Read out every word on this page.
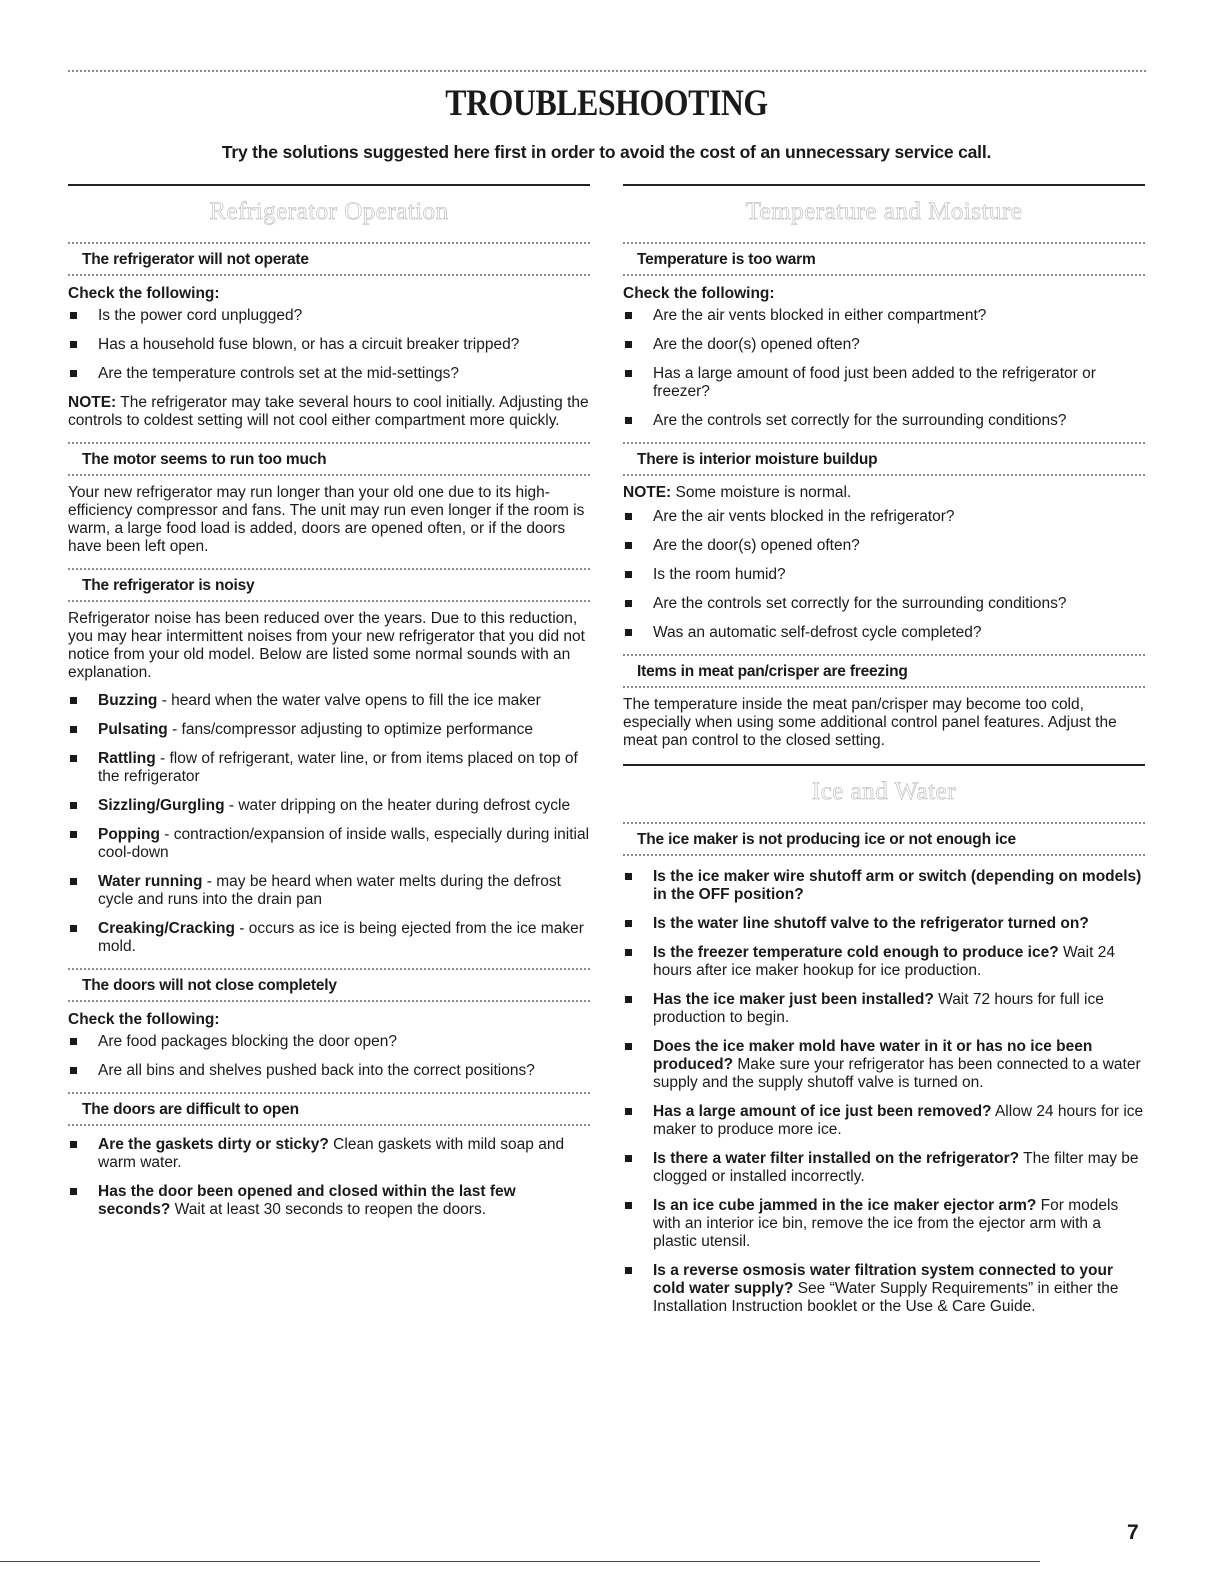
TROUBLESHOOTING

Try the solutions suggested here first in order to avoid the cost of an unnecessary service call.

Refrigerator Operation

The refrigerator will not operate

Check the following:

Is the power cord unplugged?
Has a household fuse blown, or has a circuit breaker tripped?
Are the temperature controls set at the mid-settings?

NOTE: The refrigerator may take several hours to cool initially. Adjusting the controls to coldest setting will not cool either compartment more quickly.

The motor seems to run too much

Your new refrigerator may run longer than your old one due to its high-efficiency compressor and fans. The unit may run even longer if the room is warm, a large food load is added, doors are opened often, or if the doors have been left open.

The refrigerator is noisy

Refrigerator noise has been reduced over the years. Due to this reduction, you may hear intermittent noises from your new refrigerator that you did not notice from your old model. Below are listed some normal sounds with an explanation.

Buzzing - heard when the water valve opens to fill the ice maker
Pulsating - fans/compressor adjusting to optimize performance
Rattling - flow of refrigerant, water line, or from items placed on top of the refrigerator
Sizzling/Gurgling - water dripping on the heater during defrost cycle
Popping - contraction/expansion of inside walls, especially during initial cool-down
Water running - may be heard when water melts during the defrost cycle and runs into the drain pan
Creaking/Cracking - occurs as ice is being ejected from the ice maker mold.

The doors will not close completely

Check the following:

Are food packages blocking the door open?
Are all bins and shelves pushed back into the correct positions?

The doors are difficult to open

Are the gaskets dirty or sticky? Clean gaskets with mild soap and warm water.
Has the door been opened and closed within the last few seconds? Wait at least 30 seconds to reopen the doors.
Temperature and Moisture

Temperature is too warm

Check the following:

Are the air vents blocked in either compartment?
Are the door(s) opened often?
Has a large amount of food just been added to the refrigerator or freezer?
Are the controls set correctly for the surrounding conditions?

There is interior moisture buildup

NOTE: Some moisture is normal.

Are the air vents blocked in the refrigerator?
Are the door(s) opened often?
Is the room humid?
Are the controls set correctly for the surrounding conditions?
Was an automatic self-defrost cycle completed?

Items in meat pan/crisper are freezing

The temperature inside the meat pan/crisper may become too cold, especially when using some additional control panel features. Adjust the meat pan control to the closed setting.

Ice and Water

The ice maker is not producing ice or not enough ice

Is the ice maker wire shutoff arm or switch (depending on models) in the OFF position?
Is the water line shutoff valve to the refrigerator turned on?
Is the freezer temperature cold enough to produce ice? Wait 24 hours after ice maker hookup for ice production.
Has the ice maker just been installed? Wait 72 hours for full ice production to begin.
Does the ice maker mold have water in it or has no ice been produced? Make sure your refrigerator has been connected to a water supply and the supply shutoff valve is turned on.
Has a large amount of ice just been removed? Allow 24 hours for ice maker to produce more ice.
Is there a water filter installed on the refrigerator? The filter may be clogged or installed incorrectly.
Is an ice cube jammed in the ice maker ejector arm? For models with an interior ice bin, remove the ice from the ejector arm with a plastic utensil.
Is a reverse osmosis water filtration system connected to your cold water supply? See “Water Supply Requirements” in either the Installation Instruction booklet or the Use & Care Guide.
7
